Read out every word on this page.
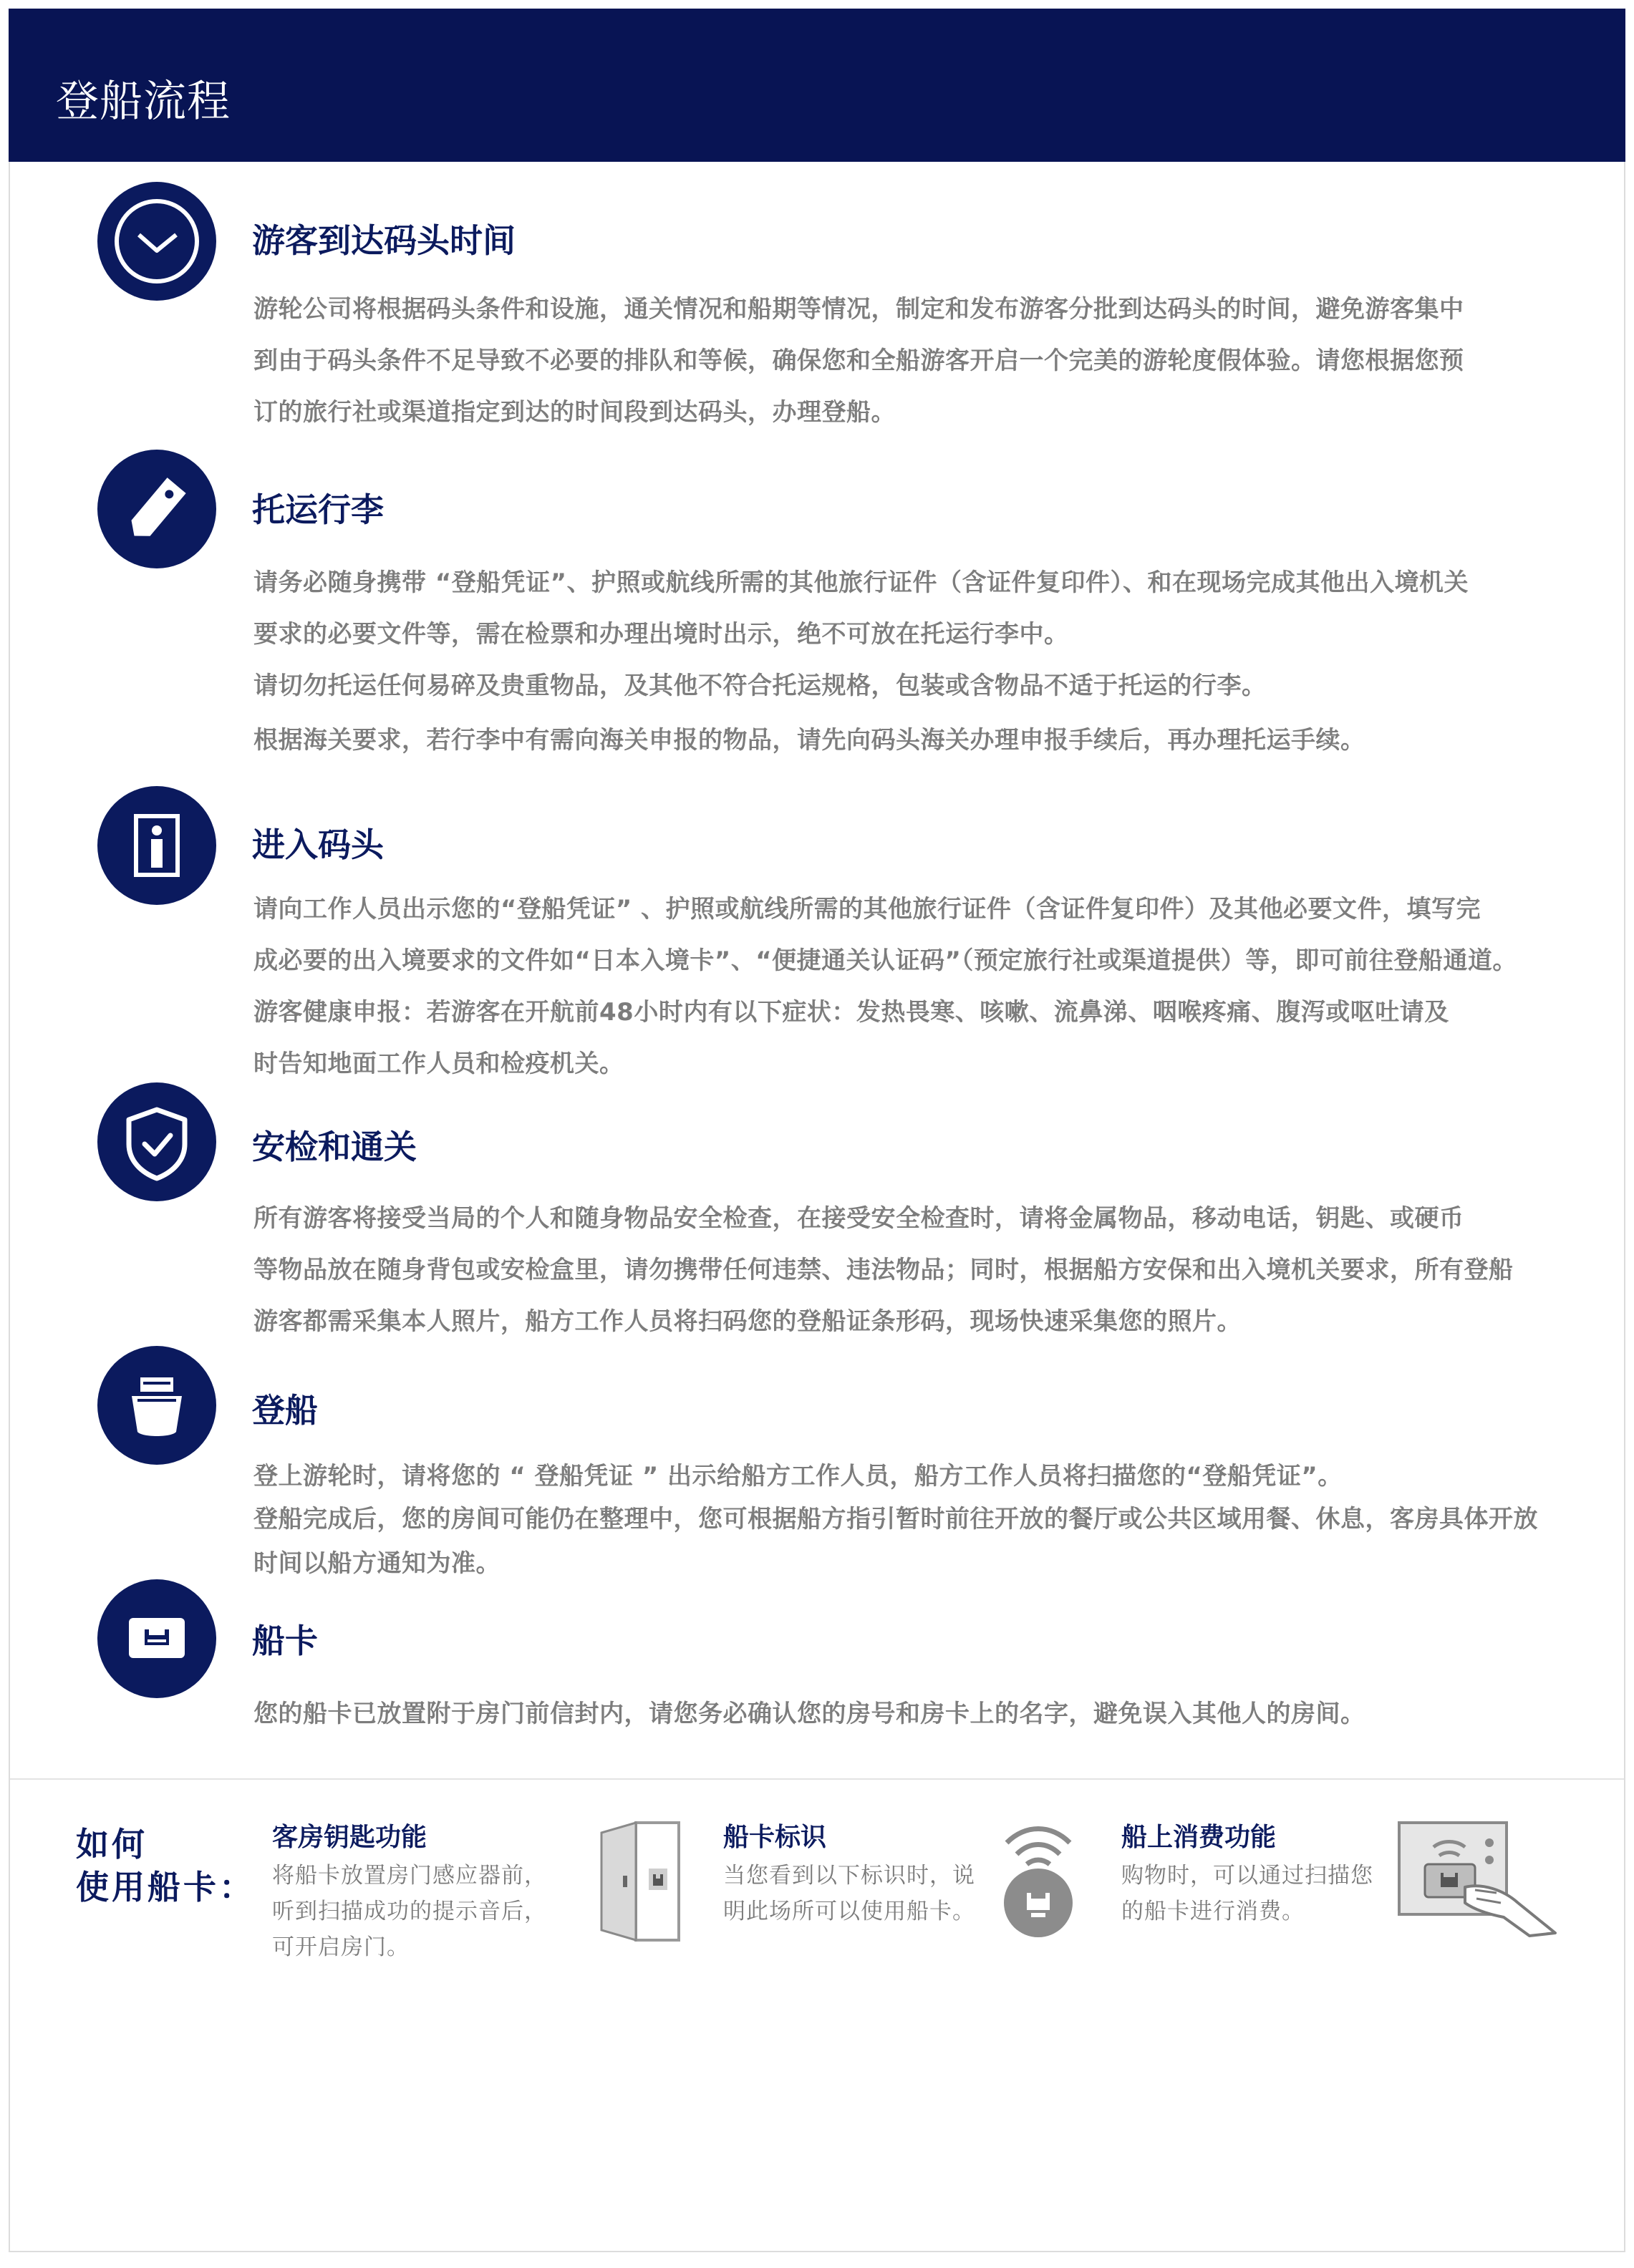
登船流程
游客到达码头时间
游轮公司将根据码头条件和设施，通关情况和船期等情况，制定和发布游客分批到达码头的时间，避免游客集中
到由于码头条件不足导致不必要的排队和等候，确保您和全船游客开启一个完美的游轮度假体验。请您根据您预
订的旅行社或渠道指定到达的时间段到达码头，办理登船。
托运行李
请务必随身携带 “登船凭证”、护照或航线所需的其他旅行证件（含证件复印件）、和在现场完成其他出入境机关
要求的必要文件等，需在检票和办理出境时出示，绝不可放在托运行李中。
请切勿托运任何易碎及贵重物品，及其他不符合托运规格，包装或含物品不适于托运的行李。
根据海关要求，若行李中有需向海关申报的物品，请先向码头海关办理申报手续后，再办理托运手续。
进入码头
请向工作人员出示您的“登船凭证” 、护照或航线所需的其他旅行证件（含证件复印件）及其他必要文件，填写完
成必要的出入境要求的文件如“日本入境卡”、“便捷通关认证码”（预定旅行社或渠道提供）等，即可前往登船通道。
游客健康申报：若游客在开航前48小时内有以下症状：发热畏寒、咳嗽、流鼻涕、咽喉疼痛、腹泻或呕吐请及
时告知地面工作人员和检疫机关。
安检和通关
所有游客将接受当局的个人和随身物品安全检查，在接受安全检查时，请将金属物品，移动电话，钥匙、或硬币
等物品放在随身背包或安检盒里，请勿携带任何违禁、违法物品；同时，根据船方安保和出入境机关要求，所有登船
游客都需采集本人照片，船方工作人员将扫码您的登船证条形码，现场快速采集您的照片。
登船
登上游轮时，请将您的 “ 登船凭证 ” 出示给船方工作人员，船方工作人员将扫描您的“登船凭证”。
登船完成后，您的房间可能仍在整理中，您可根据船方指引暂时前往开放的餐厅或公共区域用餐、休息，客房具体开放
时间以船方通知为准。
船卡
您的船卡已放置附于房门前信封内，请您务必确认您的房号和房卡上的名字，避免误入其他人的房间。
如何
使用船卡：
客房钥匙功能
将船卡放置房门感应器前，
听到扫描成功的提示音后，
可开启房门。
船卡标识
当您看到以下标识时，说
明此场所可以使用船卡。
船上消费功能
购物时，可以通过扫描您
的船卡进行消费。
